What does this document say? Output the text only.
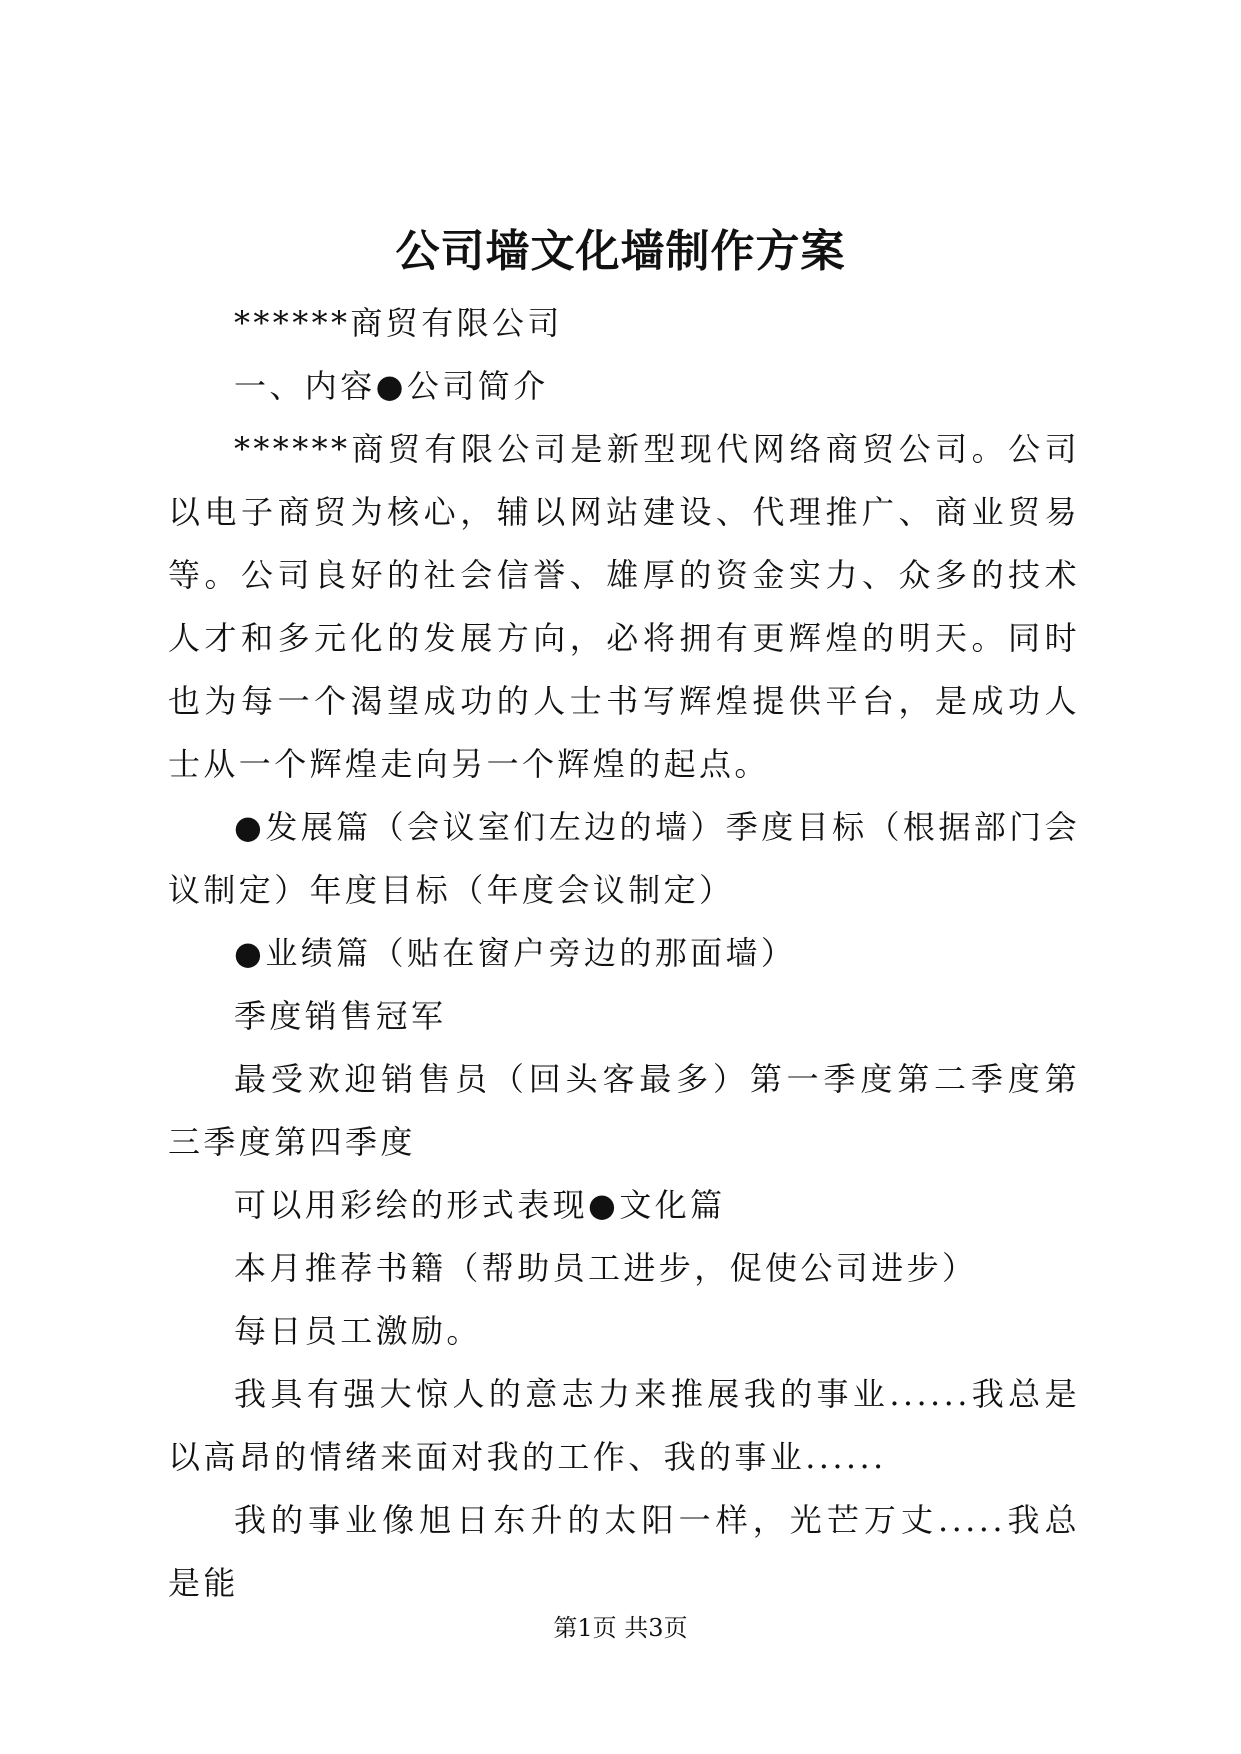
公司墙文化墙制作方案

******商贸有限公司

一、内容●公司简介

******商贸有限公司是新型现代网络商贸公司。公司以电子商贸为核心，辅以网站建设、代理推广、商业贸易等。公司良好的社会信誉、雄厚的资金实力、众多的技术人才和多元化的发展方向，必将拥有更辉煌的明天。同时也为每一个渴望成功的人士书写辉煌提供平台，是成功人士从一个辉煌走向另一个辉煌的起点。

●发展篇（会议室们左边的墙）季度目标（根据部门会议制定）年度目标（年度会议制定）

●业绩篇（贴在窗户旁边的那面墙）

季度销售冠军

最受欢迎销售员（回头客最多）第一季度第二季度第三季度第四季度

可以用彩绘的形式表现●文化篇

本月推荐书籍（帮助员工进步，促使公司进步）

每日员工激励。

我具有强大惊人的意志力来推展我的事业......我总是以高昂的情绪来面对我的工作、我的事业......

我的事业像旭日东升的太阳一样，光芒万丈.....我总是能

第1页 共3页
